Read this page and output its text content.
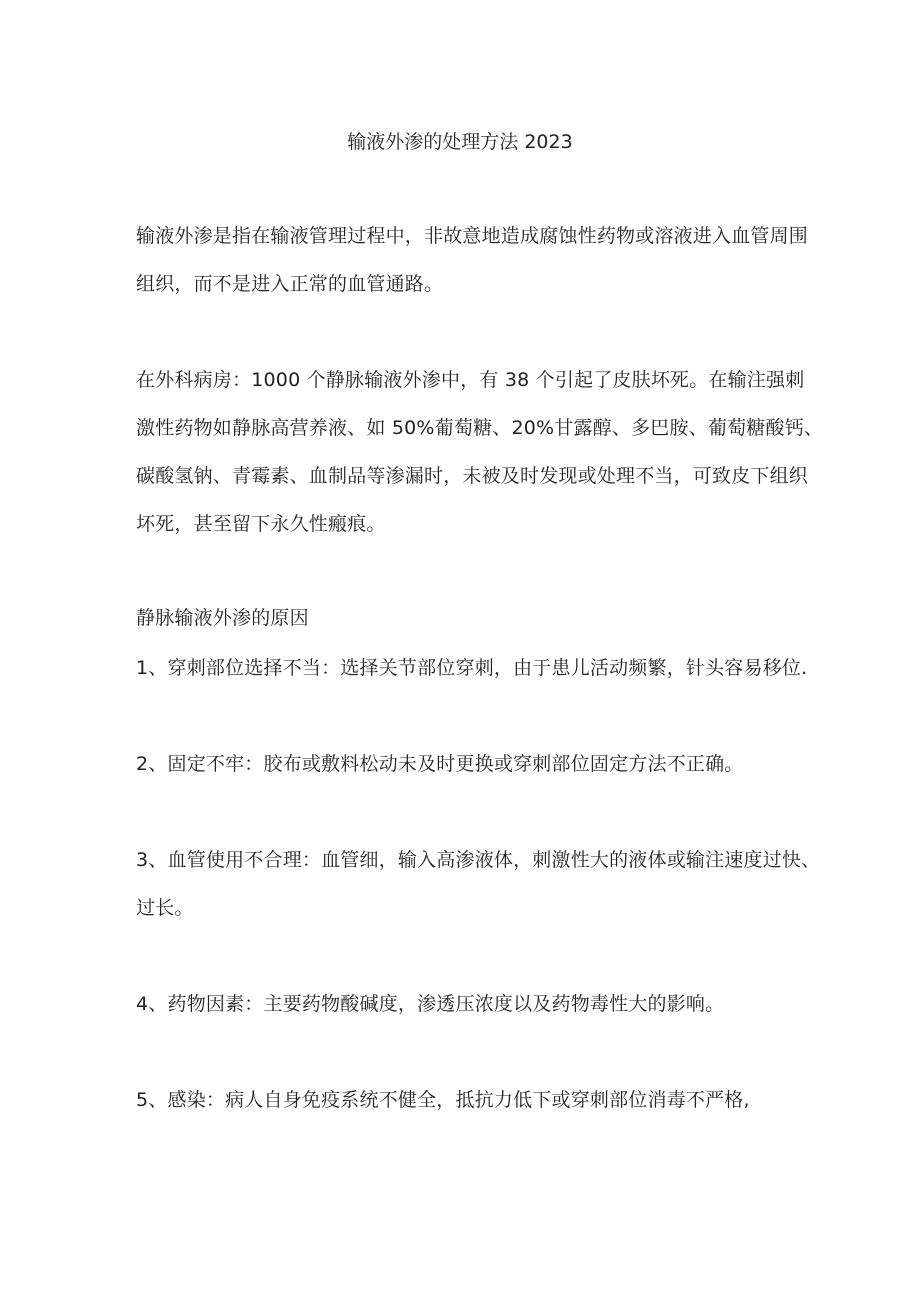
输液外渗的处理方法 2023
输液外渗是指在输液管理过程中，非故意地造成腐蚀性药物或溶液进入血管周围
组织，而不是进入正常的血管通路。
在外科病房：1000 个静脉输液外渗中，有 38 个引起了皮肤坏死。在输注强刺
激性药物如静脉高营养液、如 50%葡萄糖、20%甘露醇、多巴胺、葡萄糖酸钙、
碳酸氢钠、青霉素、血制品等渗漏时，未被及时发现或处理不当，可致皮下组织
坏死，甚至留下永久性瘢痕。
静脉输液外渗的原因
1、穿刺部位选择不当：选择关节部位穿刺，由于患儿活动频繁，针头容易移位.
2、固定不牢：胶布或敷料松动未及时更换或穿刺部位固定方法不正确。
3、血管使用不合理：血管细，输入高渗液体，刺激性大的液体或输注速度过快、
过长。
4、药物因素：主要药物酸碱度，渗透压浓度以及药物毒性大的影响。
5、感染：病人自身免疫系统不健全，抵抗力低下或穿刺部位消毒不严格,
